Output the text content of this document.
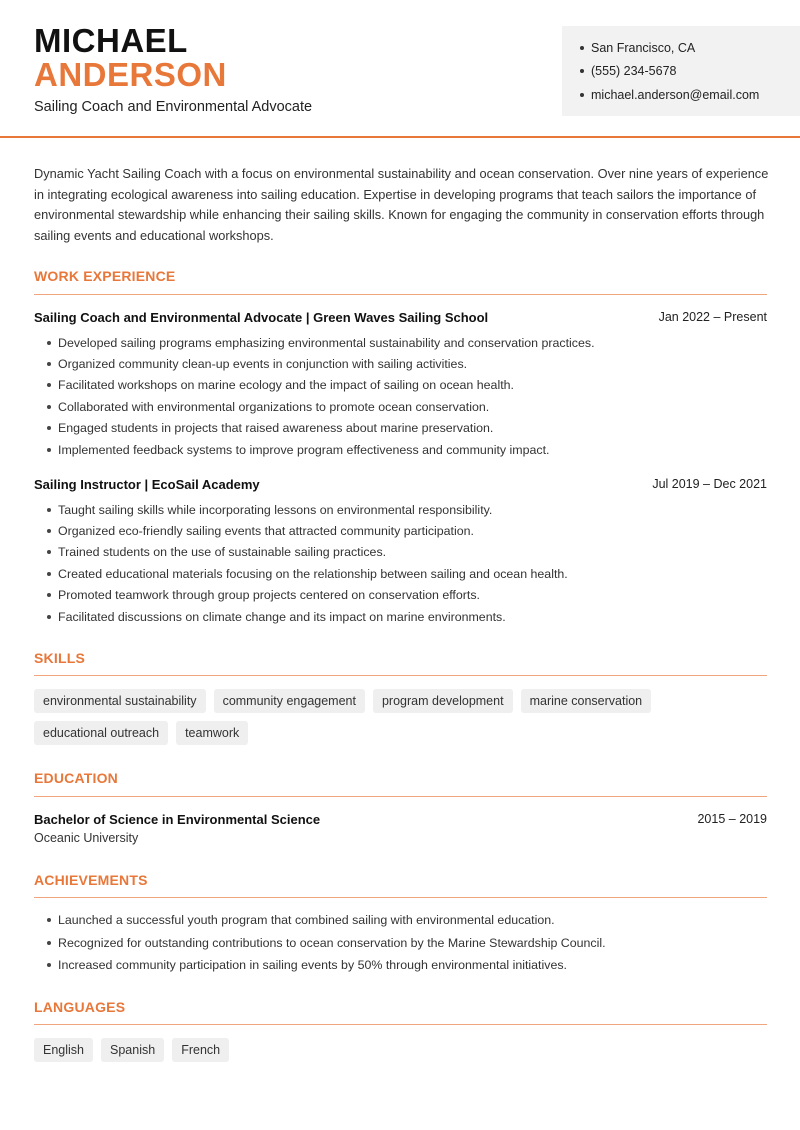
MICHAEL
ANDERSON
Sailing Coach and Environmental Advocate
San Francisco, CA
(555) 234-5678
michael.anderson@email.com

Dynamic Yacht Sailing Coach with a focus on environmental sustainability and ocean conservation. Over nine years of experience in integrating ecological awareness into sailing education. Expertise in developing programs that teach sailors the importance of environmental stewardship while enhancing their sailing skills. Known for engaging the community in conservation efforts through sailing events and educational workshops.

WORK EXPERIENCE
Sailing Coach and Environmental Advocate | Green Waves Sailing School	Jan 2022 – Present
Developed sailing programs emphasizing environmental sustainability and conservation practices.
Organized community clean-up events in conjunction with sailing activities.
Facilitated workshops on marine ecology and the impact of sailing on ocean health.
Collaborated with environmental organizations to promote ocean conservation.
Engaged students in projects that raised awareness about marine preservation.
Implemented feedback systems to improve program effectiveness and community impact.
Sailing Instructor | EcoSail Academy	Jul 2019 – Dec 2021
Taught sailing skills while incorporating lessons on environmental responsibility.
Organized eco-friendly sailing events that attracted community participation.
Trained students on the use of sustainable sailing practices.
Created educational materials focusing on the relationship between sailing and ocean health.
Promoted teamwork through group projects centered on conservation efforts.
Facilitated discussions on climate change and its impact on marine environments.
SKILLS
environmental sustainability	community engagement	program development	marine conservation
educational outreach	teamwork
EDUCATION
Bachelor of Science in Environmental Science	2015 – 2019
Oceanic University
ACHIEVEMENTS
Launched a successful youth program that combined sailing with environmental education.
Recognized for outstanding contributions to ocean conservation by the Marine Stewardship Council.
Increased community participation in sailing events by 50% through environmental initiatives.
LANGUAGES
English	Spanish	French
